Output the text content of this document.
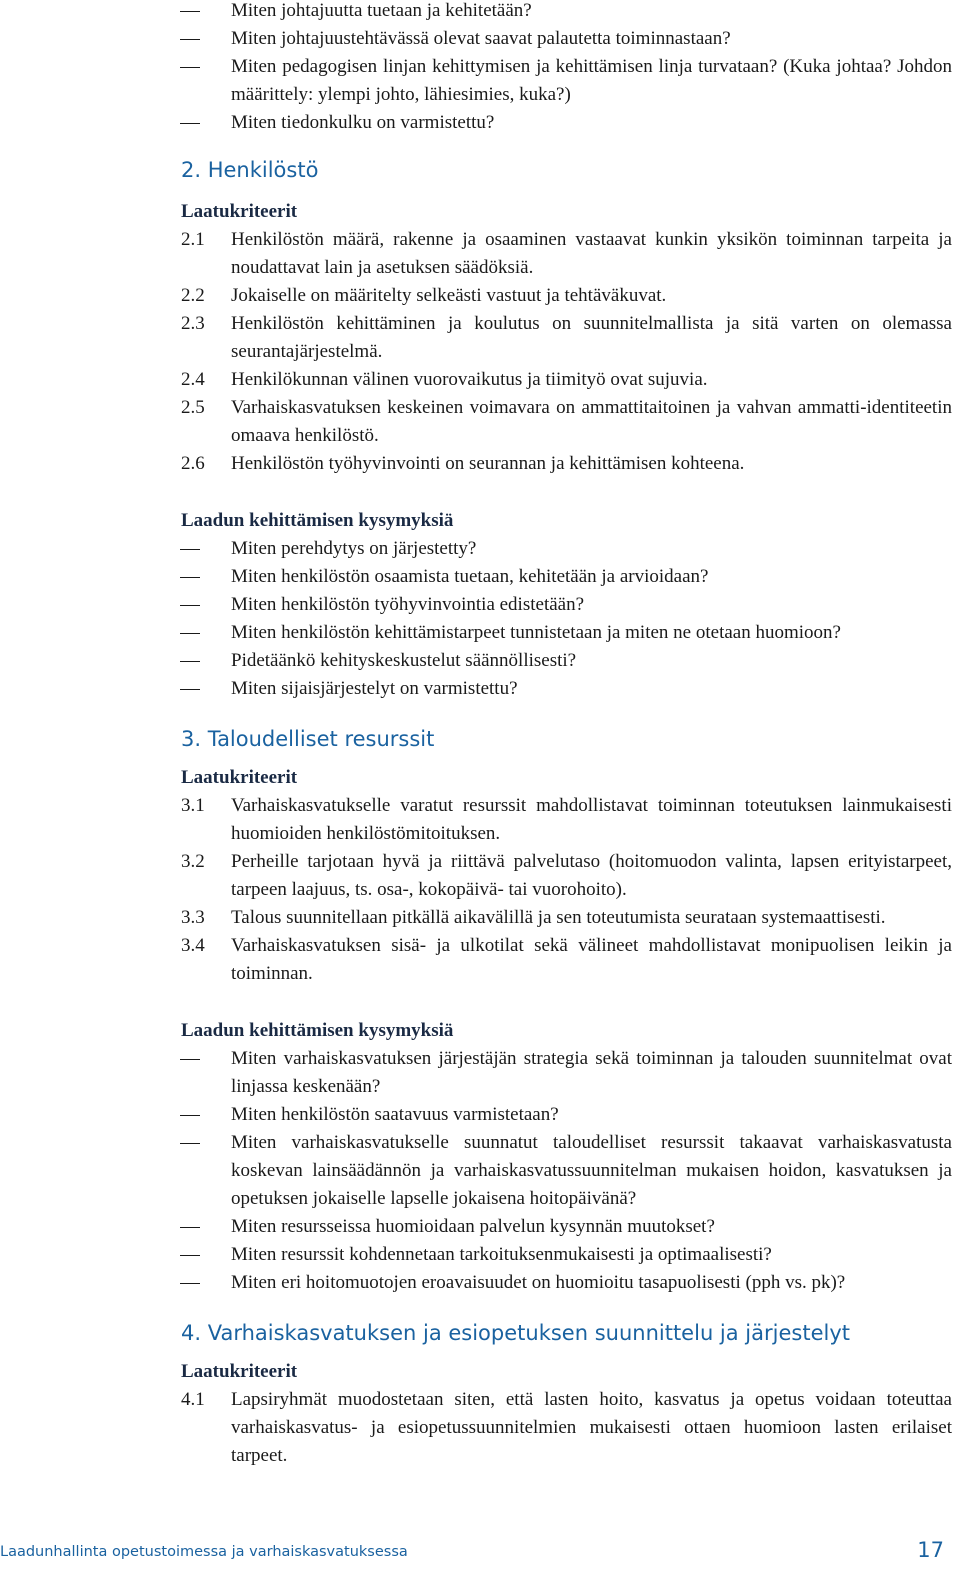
Miten johtajuutta tuetaan ja kehitetään?
Miten johtajuustehtävässä olevat saavat palautetta toiminnastaan?
Miten pedagogisen linjan kehittymisen ja kehittämisen linja turvataan? (Kuka johtaa? Johdon määrittely: ylempi johto, lähiesimies, kuka?)
Miten tiedonkulku on varmistettu?
2. Henkilöstö
Laatukriteerit
2.1 Henkilöstön määrä, rakenne ja osaaminen vastaavat kunkin yksikön toiminnan tarpeita ja noudattavat lain ja asetuksen säädöksiä.
2.2 Jokaiselle on määritelty selkeästi vastuut ja tehtäväkuvat.
2.3 Henkilöstön kehittäminen ja koulutus on suunnitelmallista ja sitä varten on olemassa seurantajärjestelmä.
2.4 Henkilökunnan välinen vuorovaikutus ja tiimityö ovat sujuvia.
2.5 Varhaiskasvatuksen keskeinen voimavara on ammattitaitoinen ja vahvan ammatti-identiteetin omaava henkilöstö.
2.6 Henkilöstön työhyvinvointi on seurannan ja kehittämisen kohteena.
Laadun kehittämisen kysymyksiä
Miten perehdytys on järjestetty?
Miten henkilöstön osaamista tuetaan, kehitetään ja arvioidaan?
Miten henkilöstön työhyvinvointia edistetään?
Miten henkilöstön kehittämistarpeet tunnistetaan ja miten ne otetaan huomioon?
Pidetäänkö kehityskeskustelut säännöllisesti?
Miten sijaisjärjestelyt on varmistettu?
3. Taloudelliset resurssit
Laatukriteerit
3.1 Varhaiskasvatukselle varatut resurssit mahdollistavat toiminnan toteutuksen lainmukaisesti huomioiden henkilöstömitoituksen.
3.2 Perheille tarjotaan hyvä ja riittävä palvelutaso (hoitomuodon valinta, lapsen erityistarpeet, tarpeen laajuus, ts. osa-, kokopäivä- tai vuorohoito).
3.3 Talous suunnitellaan pitkällä aikavälillä ja sen toteutumista seurataan systemaattisesti.
3.4 Varhaiskasvatuksen sisä- ja ulkotilat sekä välineet mahdollistavat monipuolisen leikin ja toiminnan.
Laadun kehittämisen kysymyksiä
Miten varhaiskasvatuksen järjestäjän strategia sekä toiminnan ja talouden suunnitelmat ovat linjassa keskenään?
Miten henkilöstön saatavuus varmistetaan?
Miten varhaiskasvatukselle suunnatut taloudelliset resurssit takaavat varhaiskasvatusta koskevan lainsäädännön ja varhaiskasvatussuunnitelman mukaisen hoidon, kasvatuksen ja opetuksen jokaiselle lapselle jokaisena hoitopäivänä?
Miten resursseissa huomioidaan palvelun kysynnän muutokset?
Miten resurssit kohdennetaan tarkoituksenmukaisesti ja optimaalisesti?
Miten eri hoitomuotojen eroavaisuudet on huomioitu tasapuolisesti (pph vs. pk)?
4. Varhaiskasvatuksen ja esiopetuksen suunnittelu ja järjestelyt
Laatukriteerit
4.1 Lapsiryhmät muodostetaan siten, että lasten hoito, kasvatus ja opetus voidaan toteuttaa varhaiskasvatus- ja esiopetussuunnitelmien mukaisesti ottaen huomioon lasten erilaiset tarpeet.
Laadunhallinta opetustoimessa ja varhaiskasvatuksessa	17
